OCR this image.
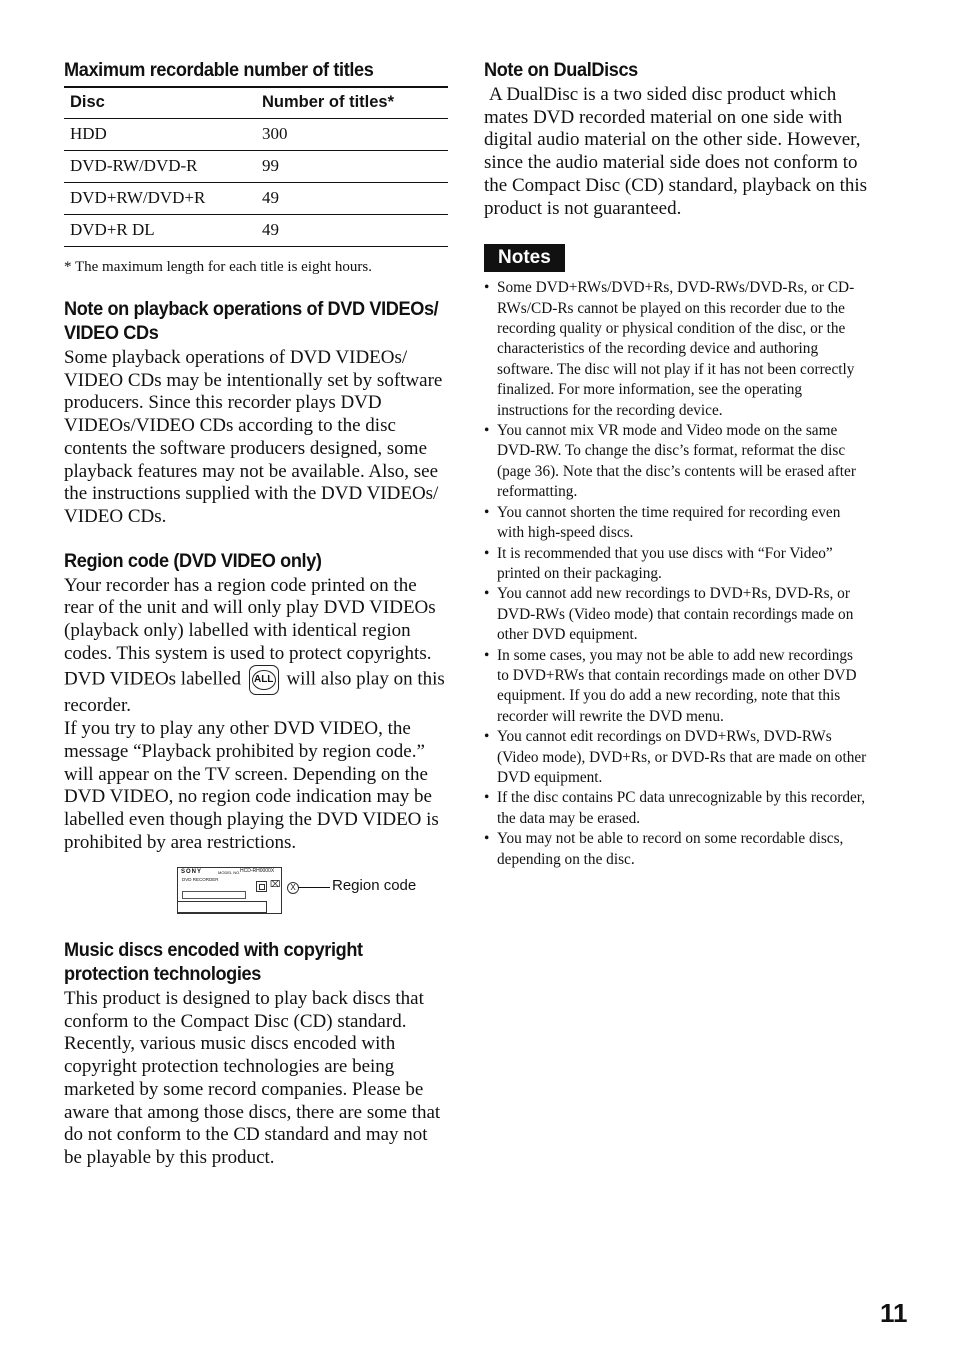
Maximum recordable number of titles
Disc	Number of titles*
HDD	300
DVD-RW/DVD-R	99
DVD+RW/DVD+R	49
DVD+R DL	49
* The maximum length for each title is eight hours.
Note on playback operations of DVD VIDEOs/ VIDEO CDs

Some playback operations of DVD VIDEOs/ VIDEO CDs may be intentionally set by software producers. Since this recorder plays DVD VIDEOs/VIDEO CDs according to the disc contents the software producers designed, some playback features may not be available. Also, see the instructions supplied with the DVD VIDEOs/ VIDEO CDs.

Region code (DVD VIDEO only)

Your recorder has a region code printed on the rear of the unit and will only play DVD VIDEOs (playback only) labelled with identical region codes. This system is used to protect copyrights. DVD VIDEOs labelled ALL will also play on this recorder.

If you try to play any other DVD VIDEO, the message “Playback prohibited by region code.” will appear on the TV screen. Depending on the DVD VIDEO, no region code indication may be labelled even though playing the DVD VIDEO is prohibited by area restrictions.

SONY	MODEL NO. HCD-RH0000X
DVD RECORDER	⌧	X Region code
Music discs encoded with copyright protection technologies

This product is designed to play back discs that conform to the Compact Disc (CD) standard. Recently, various music discs encoded with copyright protection technologies are being marketed by some record companies. Please be aware that among those discs, there are some that do not conform to the CD standard and may not be playable by this product.

Note on DualDiscs

A DualDisc is a two sided disc product which mates DVD recorded material on one side with digital audio material on the other side. However, since the audio material side does not conform to the Compact Disc (CD) standard, playback on this product is not guaranteed.

Notes
• Some DVD+RWs/DVD+Rs, DVD-RWs/DVD-Rs, or CD-RWs/CD-Rs cannot be played on this recorder due to the recording quality or physical condition of the disc, or the characteristics of the recording device and authoring software. The disc will not play if it has not been correctly finalized. For more information, see the operating instructions for the recording device.
• You cannot mix VR mode and Video mode on the same DVD-RW. To change the disc’s format, reformat the disc (page 36). Note that the disc’s contents will be erased after reformatting.
• You cannot shorten the time required for recording even with high-speed discs.
• It is recommended that you use discs with “For Video” printed on their packaging.
• You cannot add new recordings to DVD+Rs, DVD-Rs, or DVD-RWs (Video mode) that contain recordings made on other DVD equipment.
• In some cases, you may not be able to add new recordings to DVD+RWs that contain recordings made on other DVD equipment. If you do add a new recording, note that this recorder will rewrite the DVD menu.
• You cannot edit recordings on DVD+RWs, DVD-RWs (Video mode), DVD+Rs, or DVD-Rs that are made on other DVD equipment.
• If the disc contains PC data unrecognizable by this recorder, the data may be erased.
• You may not be able to record on some recordable discs, depending on the disc.
11
